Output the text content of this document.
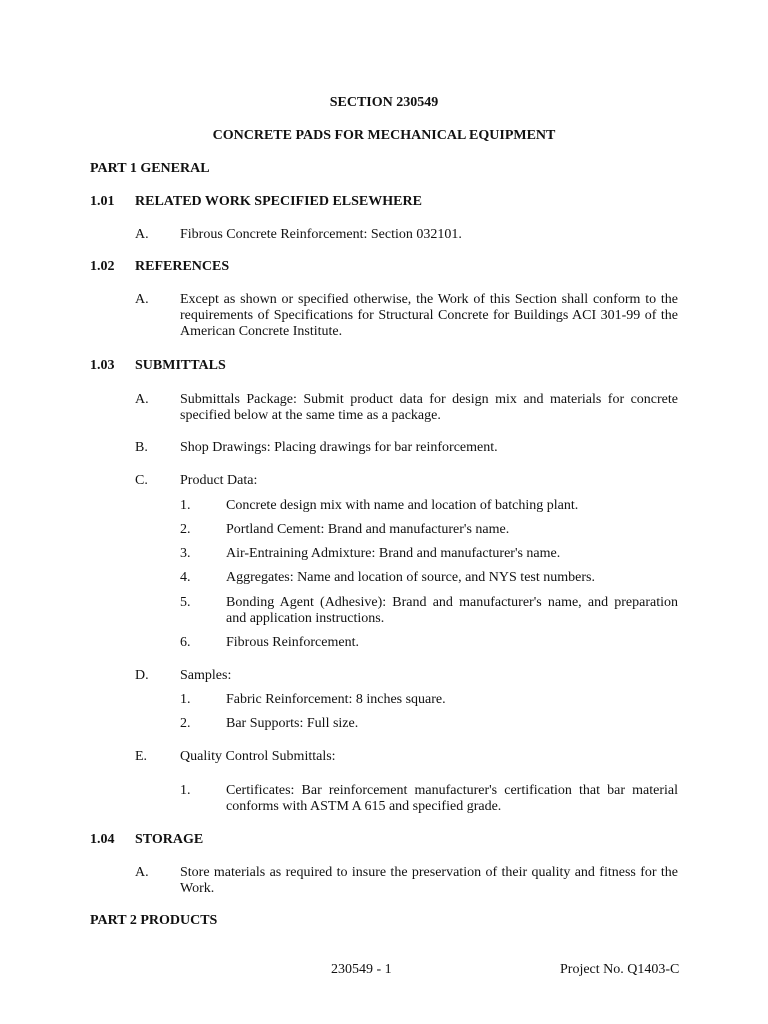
SECTION 230549
CONCRETE PADS FOR MECHANICAL EQUIPMENT
PART 1 GENERAL
1.01 RELATED WORK SPECIFIED ELSEWHERE
A. Fibrous Concrete Reinforcement: Section 032101.
1.02 REFERENCES
A. Except as shown or specified otherwise, the Work of this Section shall conform to the requirements of Specifications for Structural Concrete for Buildings ACI 301-99 of the American Concrete Institute.
1.03 SUBMITTALS
A. Submittals Package: Submit product data for design mix and materials for concrete specified below at the same time as a package.
B. Shop Drawings: Placing drawings for bar reinforcement.
C. Product Data:
1.	Concrete design mix with name and location of batching plant.
2.	Portland Cement: Brand and manufacturer's name.
3.	Air-Entraining Admixture: Brand and manufacturer's name.
4.	Aggregates: Name and location of source, and NYS test numbers.
5.	Bonding Agent (Adhesive): Brand and manufacturer's name, and preparation and application instructions.
6.	Fibrous Reinforcement.
D. Samples:
1.	Fabric Reinforcement: 8 inches square.
2.	Bar Supports: Full size.
E. Quality Control Submittals:
1.	Certificates: Bar reinforcement manufacturer's certification that bar material conforms with ASTM A 615 and specified grade.
1.04 STORAGE
A. Store materials as required to insure the preservation of their quality and fitness for the Work.
PART 2 PRODUCTS
230549 - 1	Project No. Q1403-C
